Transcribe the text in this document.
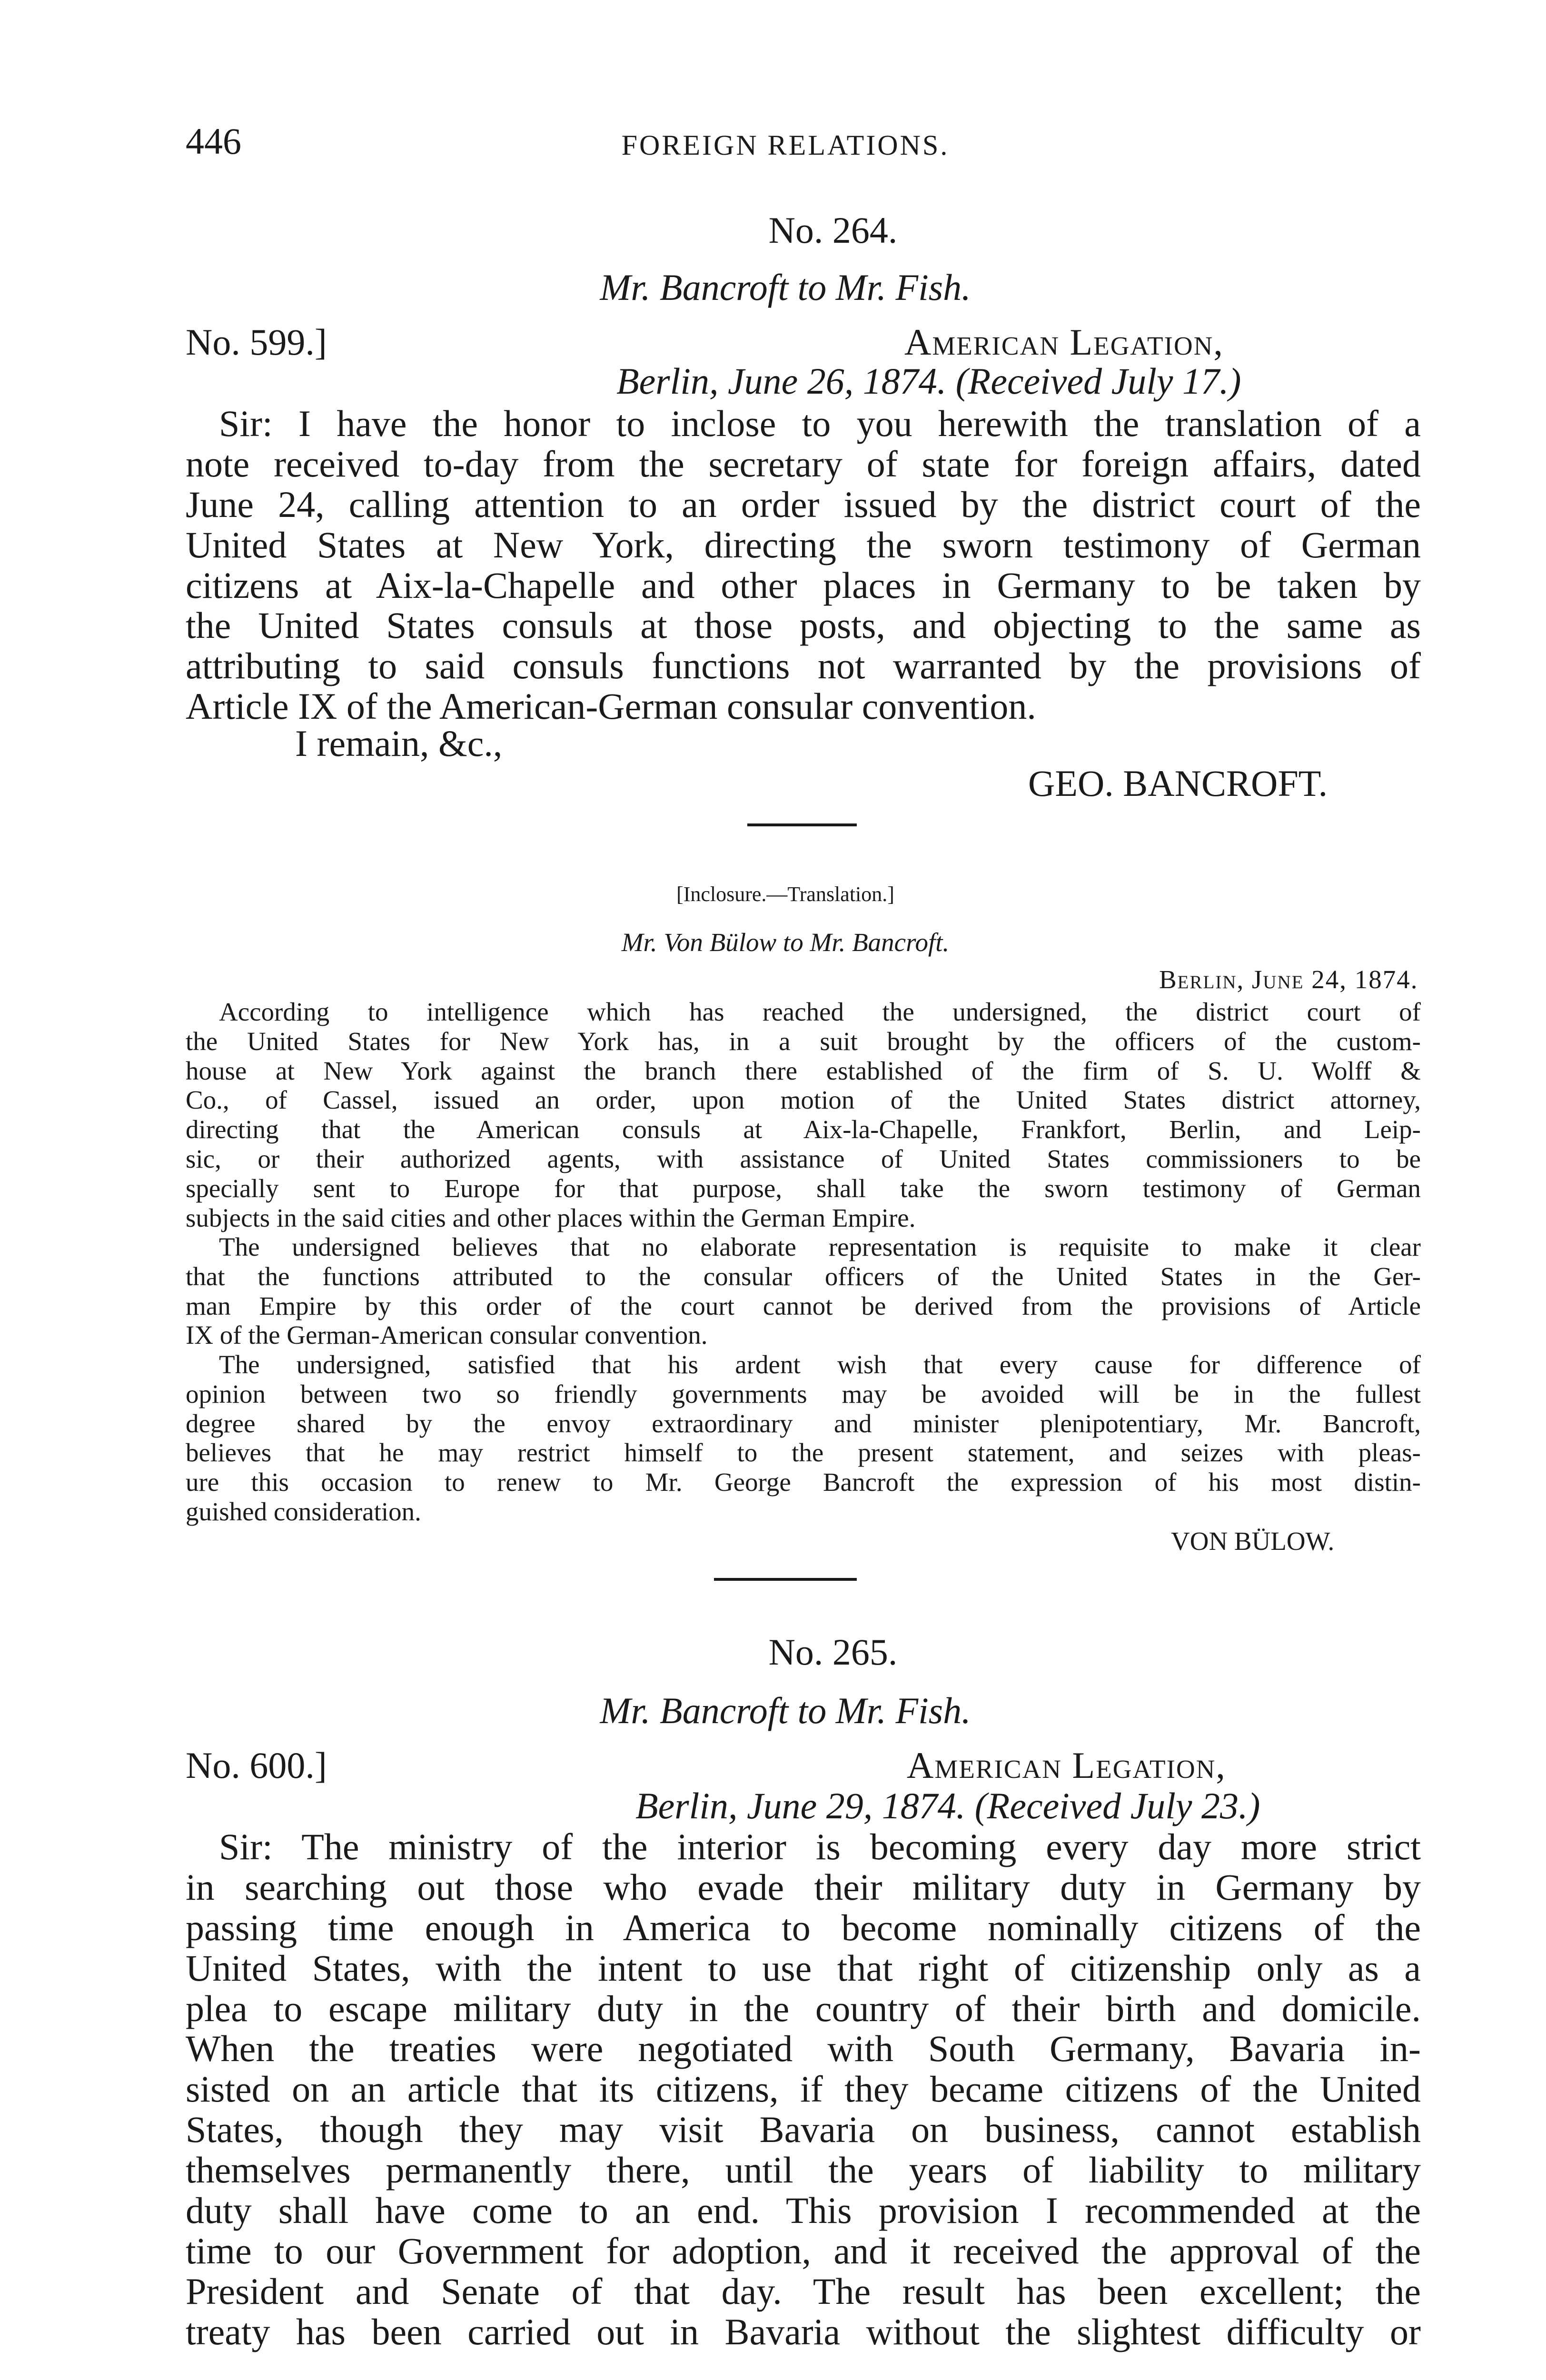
446	FOREIGN RELATIONS.
No. 264.
Mr. Bancroft to Mr. Fish.
No. 599.]	American Legation,
Berlin, June 26, 1874. (Received July 17.)
Sir: I have the honor to inclose to you herewith the translation of a
note received to-day from the secretary of state for foreign affairs, dated
June 24, calling attention to an order issued by the district court of the
United States at New York, directing the sworn testimony of German
citizens at Aix-la-Chapelle and other places in Germany to be taken by
the United States consuls at those posts, and objecting to the same as
attributing to said consuls functions not warranted by the provisions of
Article IX of the American-German consular convention.
I remain, &c.,
GEO. BANCROFT.
[Inclosure.—Translation.]
Mr. Von Bülow to Mr. Bancroft.
Berlin, June 24, 1874.
According to intelligence which has reached the undersigned, the district court of
the United States for New York has, in a suit brought by the officers of the custom-
house at New York against the branch there established of the firm of S. U. Wolff &
Co., of Cassel, issued an order, upon motion of the United States district attorney,
directing that the American consuls at Aix-la-Chapelle, Frankfort, Berlin, and Leip-
sic, or their authorized agents, with assistance of United States commissioners to be
specially sent to Europe for that purpose, shall take the sworn testimony of German
subjects in the said cities and other places within the German Empire.
The undersigned believes that no elaborate representation is requisite to make it clear
that the functions attributed to the consular officers of the United States in the Ger-
man Empire by this order of the court cannot be derived from the provisions of Article
IX of the German-American consular convention.
The undersigned, satisfied that his ardent wish that every cause for difference of
opinion between two so friendly governments may be avoided will be in the fullest
degree shared by the envoy extraordinary and minister plenipotentiary, Mr. Bancroft,
believes that he may restrict himself to the present statement, and seizes with pleas-
ure this occasion to renew to Mr. George Bancroft the expression of his most distin-
guished consideration.
VON BÜLOW.
No. 265.
Mr. Bancroft to Mr. Fish.
No. 600.]	American Legation,
Berlin, June 29, 1874. (Received July 23.)
Sir: The ministry of the interior is becoming every day more strict
in searching out those who evade their military duty in Germany by
passing time enough in America to become nominally citizens of the
United States, with the intent to use that right of citizenship only as a
plea to escape military duty in the country of their birth and domicile.
When the treaties were negotiated with South Germany, Bavaria in-
sisted on an article that its citizens, if they became citizens of the United
States, though they may visit Bavaria on business, cannot establish
themselves permanently there, until the years of liability to military
duty shall have come to an end. This provision I recommended at the
time to our Government for adoption, and it received the approval of the
President and Senate of that day. The result has been excellent; the
treaty has been carried out in Bavaria without the slightest difficulty or
